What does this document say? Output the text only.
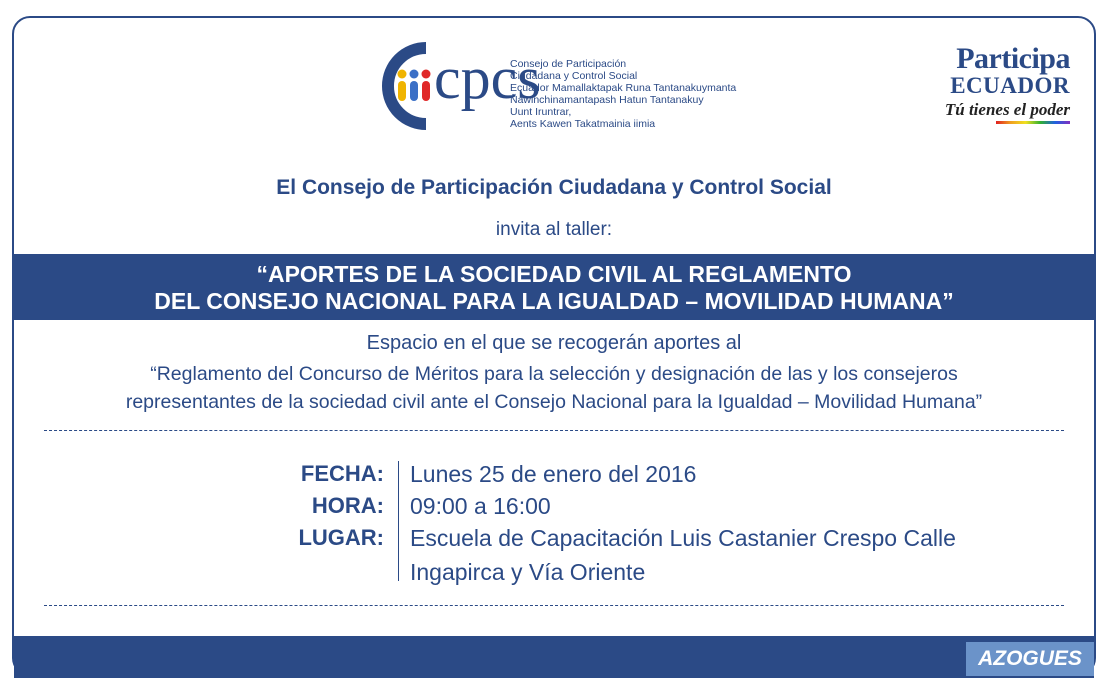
cpcs
Consejo de Participación
Ciudadana y Control Social
Ecuador Mamallaktapak Runa Tantanakuymanta
Ñawinchinamantapash Hatun Tantanakuy
Uunt Iruntrar,
Aents Kawen Takatmainia iimia
Participa
ECUADOR
Tú tienes el poder
El Consejo de Participación Ciudadana y Control Social
invita al taller:
“APORTES DE LA SOCIEDAD CIVIL AL REGLAMENTO
DEL CONSEJO NACIONAL PARA LA IGUALDAD – MOVILIDAD HUMANA”
Espacio en el que se recogerán aportes al
“Reglamento del Concurso de Méritos para la selección y designación de las y los consejeros
representantes de la sociedad civil ante el Consejo Nacional para la Igualdad – Movilidad Humana”
FECHA: Lunes 25 de enero del 2016
HORA: 09:00 a 16:00
LUGAR: Escuela de Capacitación Luis Castanier Crespo Calle
Ingapirca y Vía Oriente
AZOGUES
